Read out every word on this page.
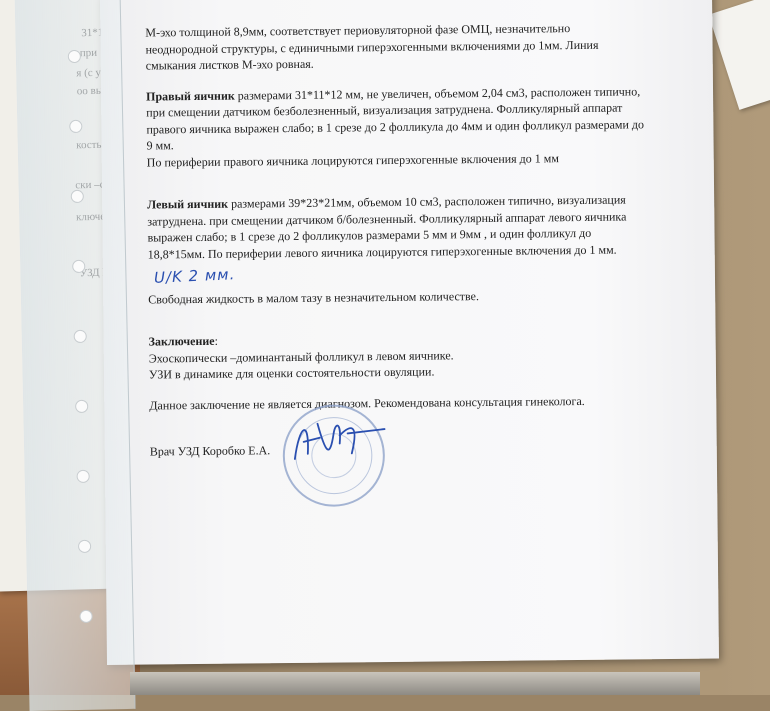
М-эхо толщиной 8,9мм, соответствует периовуляторной фазе ОМЦ, незначительно неоднородной структуры, с единичными гиперэхогенными включениями до 1мм. Линия смыкания листков М-эхо ровная.

Правый яичник размерами 31*11*12 мм, не увеличен, объемом 2,04 см3, расположен типично, при смещении датчиком безболезненный, визуализация затруднена. Фолликулярный аппарат правого яичника выражен слабо; в 1 срезе до 2 фолликула до 4мм и один фолликул размерами до 9 мм.

По периферии правого яичника лоцируются гиперэхогенные включения до 1 мм

Левый яичник размерами 39*23*21мм, объемом 10 см3, расположен типично, визуализация затруднена. при смещении датчиком б/болезненный. Фолликулярный аппарат левого яичника выражен слабо; в 1 срезе до 2 фолликулов размерами 5 мм и 9мм , и один фолликул до 18,8*15мм. По периферии левого яичника лоцируются гиперэхогенные включения до 1 мм.

U/K 2 мм.

Свободная жидкость в малом тазу в незначительном количестве.

Заключение:

Эхоскопически –доминантаный фолликул в левом яичнике.

УЗИ в динамике для оценки состоятельности овуляции.

Данное заключение не является диагнозом. Рекомендована консультация гинеколога.

Врач УЗД Коробко Е.А.
